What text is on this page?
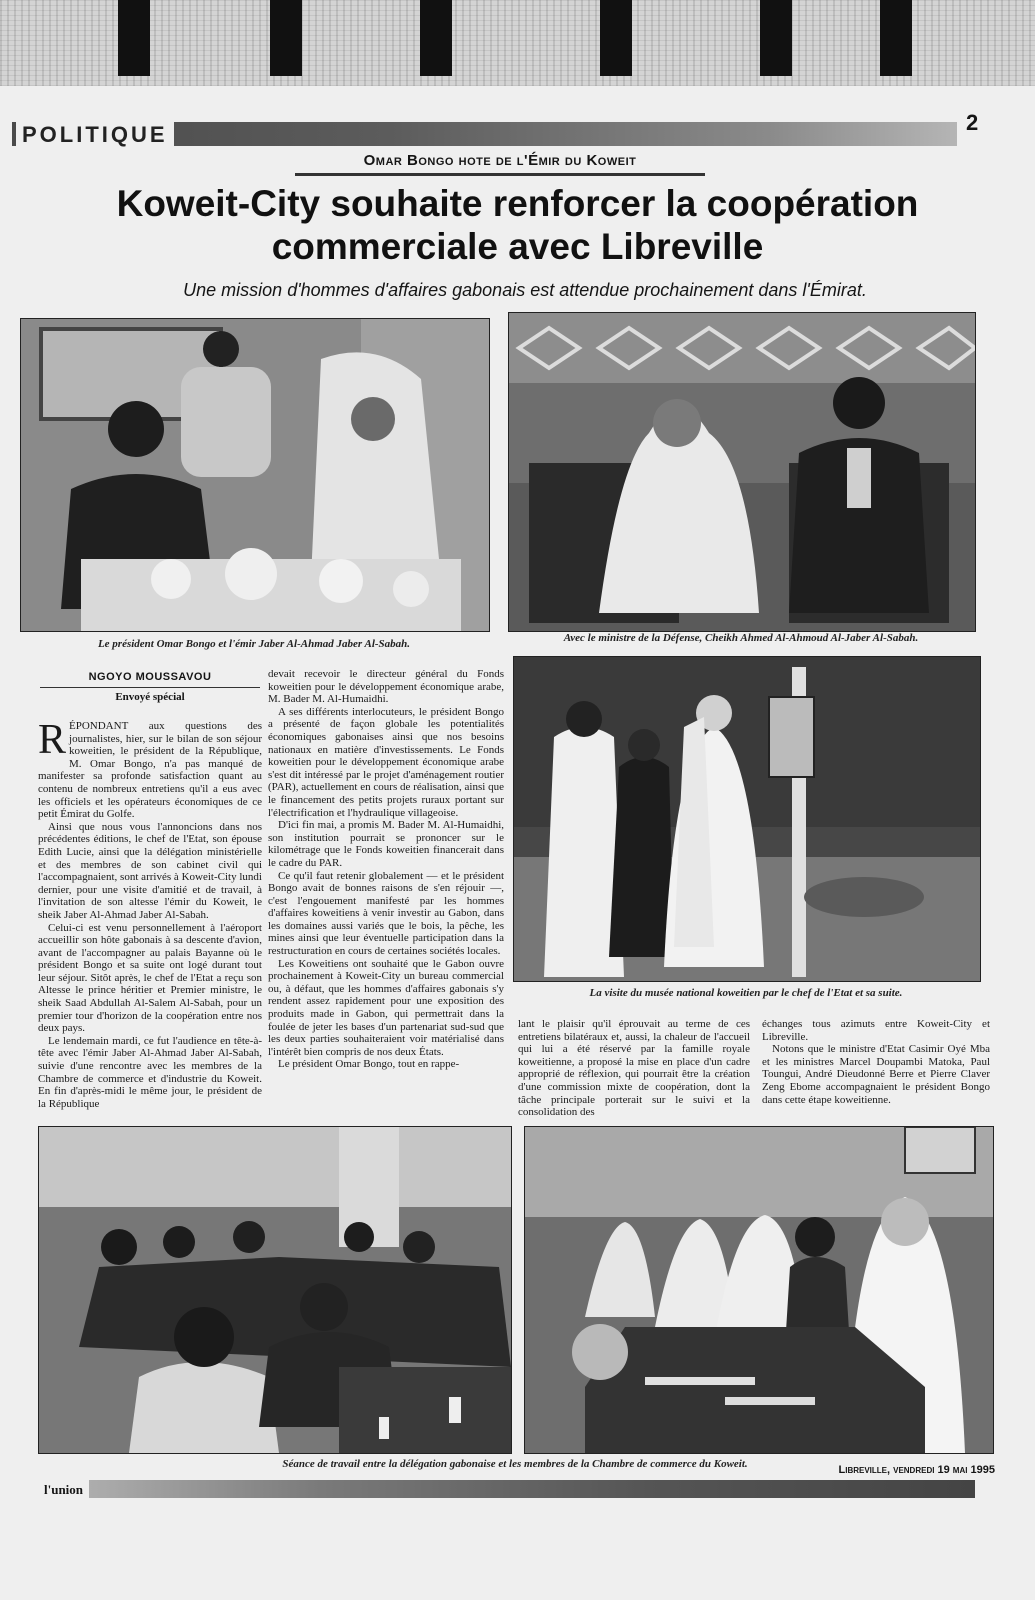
POLITIQUE	2
Omar Bongo hote de l'Émir du Koweit
Koweit-City souhaite renforcer la coopération commerciale avec Libreville
Une mission d'hommes d'affaires gabonais est attendue prochainement dans l'Émirat.
Le président Omar Bongo et l'émir Jaber Al-Ahmad Jaber Al-Sabah.	Avec le ministre de la Défense, Cheikh Ahmed Al-Ahmoud Al-Jaber Al-Sabah.
La visite du musée national koweitien par le chef de l'Etat et sa suite.
Séance de travail entre la délégation gabonaise et les membres de la Chambre de commerce du Koweit.
NGOYO MOUSSAVOU
Envoyé spécial

RÉPONDANT aux questions des journalistes, hier, sur le bilan de son séjour koweitien, le président de la République, M. Omar Bongo, n'a pas manqué de manifester sa profonde satisfaction quant au contenu de nombreux entretiens qu'il a eus avec les officiels et les opérateurs économiques de ce petit Émirat du Golfe.

Ainsi que nous vous l'annoncions dans nos précédentes éditions, le chef de l'Etat, son épouse Edith Lucie, ainsi que la délégation ministérielle et des membres de son cabinet civil qui l'accompagnaient, sont arrivés à Koweit-City lundi dernier, pour une visite d'amitié et de travail, à l'invitation de son altesse l'émir du Koweit, le sheik Jaber Al-Ahmad Jaber Al-Sabah.

Celui-ci est venu personnellement à l'aéroport accueillir son hôte gabonais à sa descente d'avion, avant de l'accompagner au palais Bayanne où le président Bongo et sa suite ont logé durant tout leur séjour. Sitôt après, le chef de l'Etat a reçu son Altesse le prince héritier et Premier ministre, le sheik Saad Abdullah Al-Salem Al-Sabah, pour un premier tour d'horizon de la coopération entre nos deux pays.

Le lendemain mardi, ce fut l'audience en tête-à-tête avec l'émir Jaber Al-Ahmad Jaber Al-Sabah, suivie d'une rencontre avec les membres de la Chambre de commerce et d'industrie du Koweit. En fin d'après-midi le même jour, le président de la République

devait recevoir le directeur général du Fonds koweitien pour le développement économique arabe, M. Bader M. Al-Humaidhi.

A ses différents interlocuteurs, le président Bongo a présenté de façon globale les potentialités économiques gabonaises ainsi que nos besoins nationaux en matière d'investissements. Le Fonds koweitien pour le développement économique arabe s'est dit intéressé par le projet d'aménagement routier (PAR), actuellement en cours de réalisation, ainsi que le financement des petits projets ruraux portant sur l'électrification et l'hydraulique villageoise.

D'ici fin mai, a promis M. Bader M. Al-Humaidhi, son institution pourrait se prononcer sur le kilométrage que le Fonds koweitien financerait dans le cadre du PAR.

Ce qu'il faut retenir globalement — et le président Bongo avait de bonnes raisons de s'en réjouir —, c'est l'engouement manifesté par les hommes d'affaires koweitiens à venir investir au Gabon, dans les domaines aussi variés que le bois, la pêche, les mines ainsi que leur éventuelle participation dans la restructuration en cours de certaines sociétés locales.

Les Koweitiens ont souhaité que le Gabon ouvre prochainement à Koweit-City un bureau commercial ou, à défaut, que les hommes d'affaires gabonais s'y rendent assez rapidement pour une exposition des produits made in Gabon, qui permettrait dans la foulée de jeter les bases d'un partenariat sud-sud que les deux parties souhaiteraient voir matérialisé dans l'intérêt bien compris de nos deux États.

Le président Omar Bongo, tout en rappe-

lant le plaisir qu'il éprouvait au terme de ces entretiens bilatéraux et, aussi, la chaleur de l'accueil qui lui a été réservé par la famille royale koweitienne, a proposé la mise en place d'un cadre approprié de réflexion, qui pourrait être la création d'une commission mixte de coopération, dont la tâche principale porterait sur le suivi et la consolidation des

échanges tous azimuts entre Koweit-City et Libreville.

Notons que le ministre d'Etat Casimir Oyé Mba et les ministres Marcel Doupambi Matoka, Paul Toungui, André Dieudonné Berre et Pierre Claver Zeng Ebome accompagnaient le président Bongo dans cette étape koweitienne.

l'union
Libreville, vendredi 19 mai 1995
